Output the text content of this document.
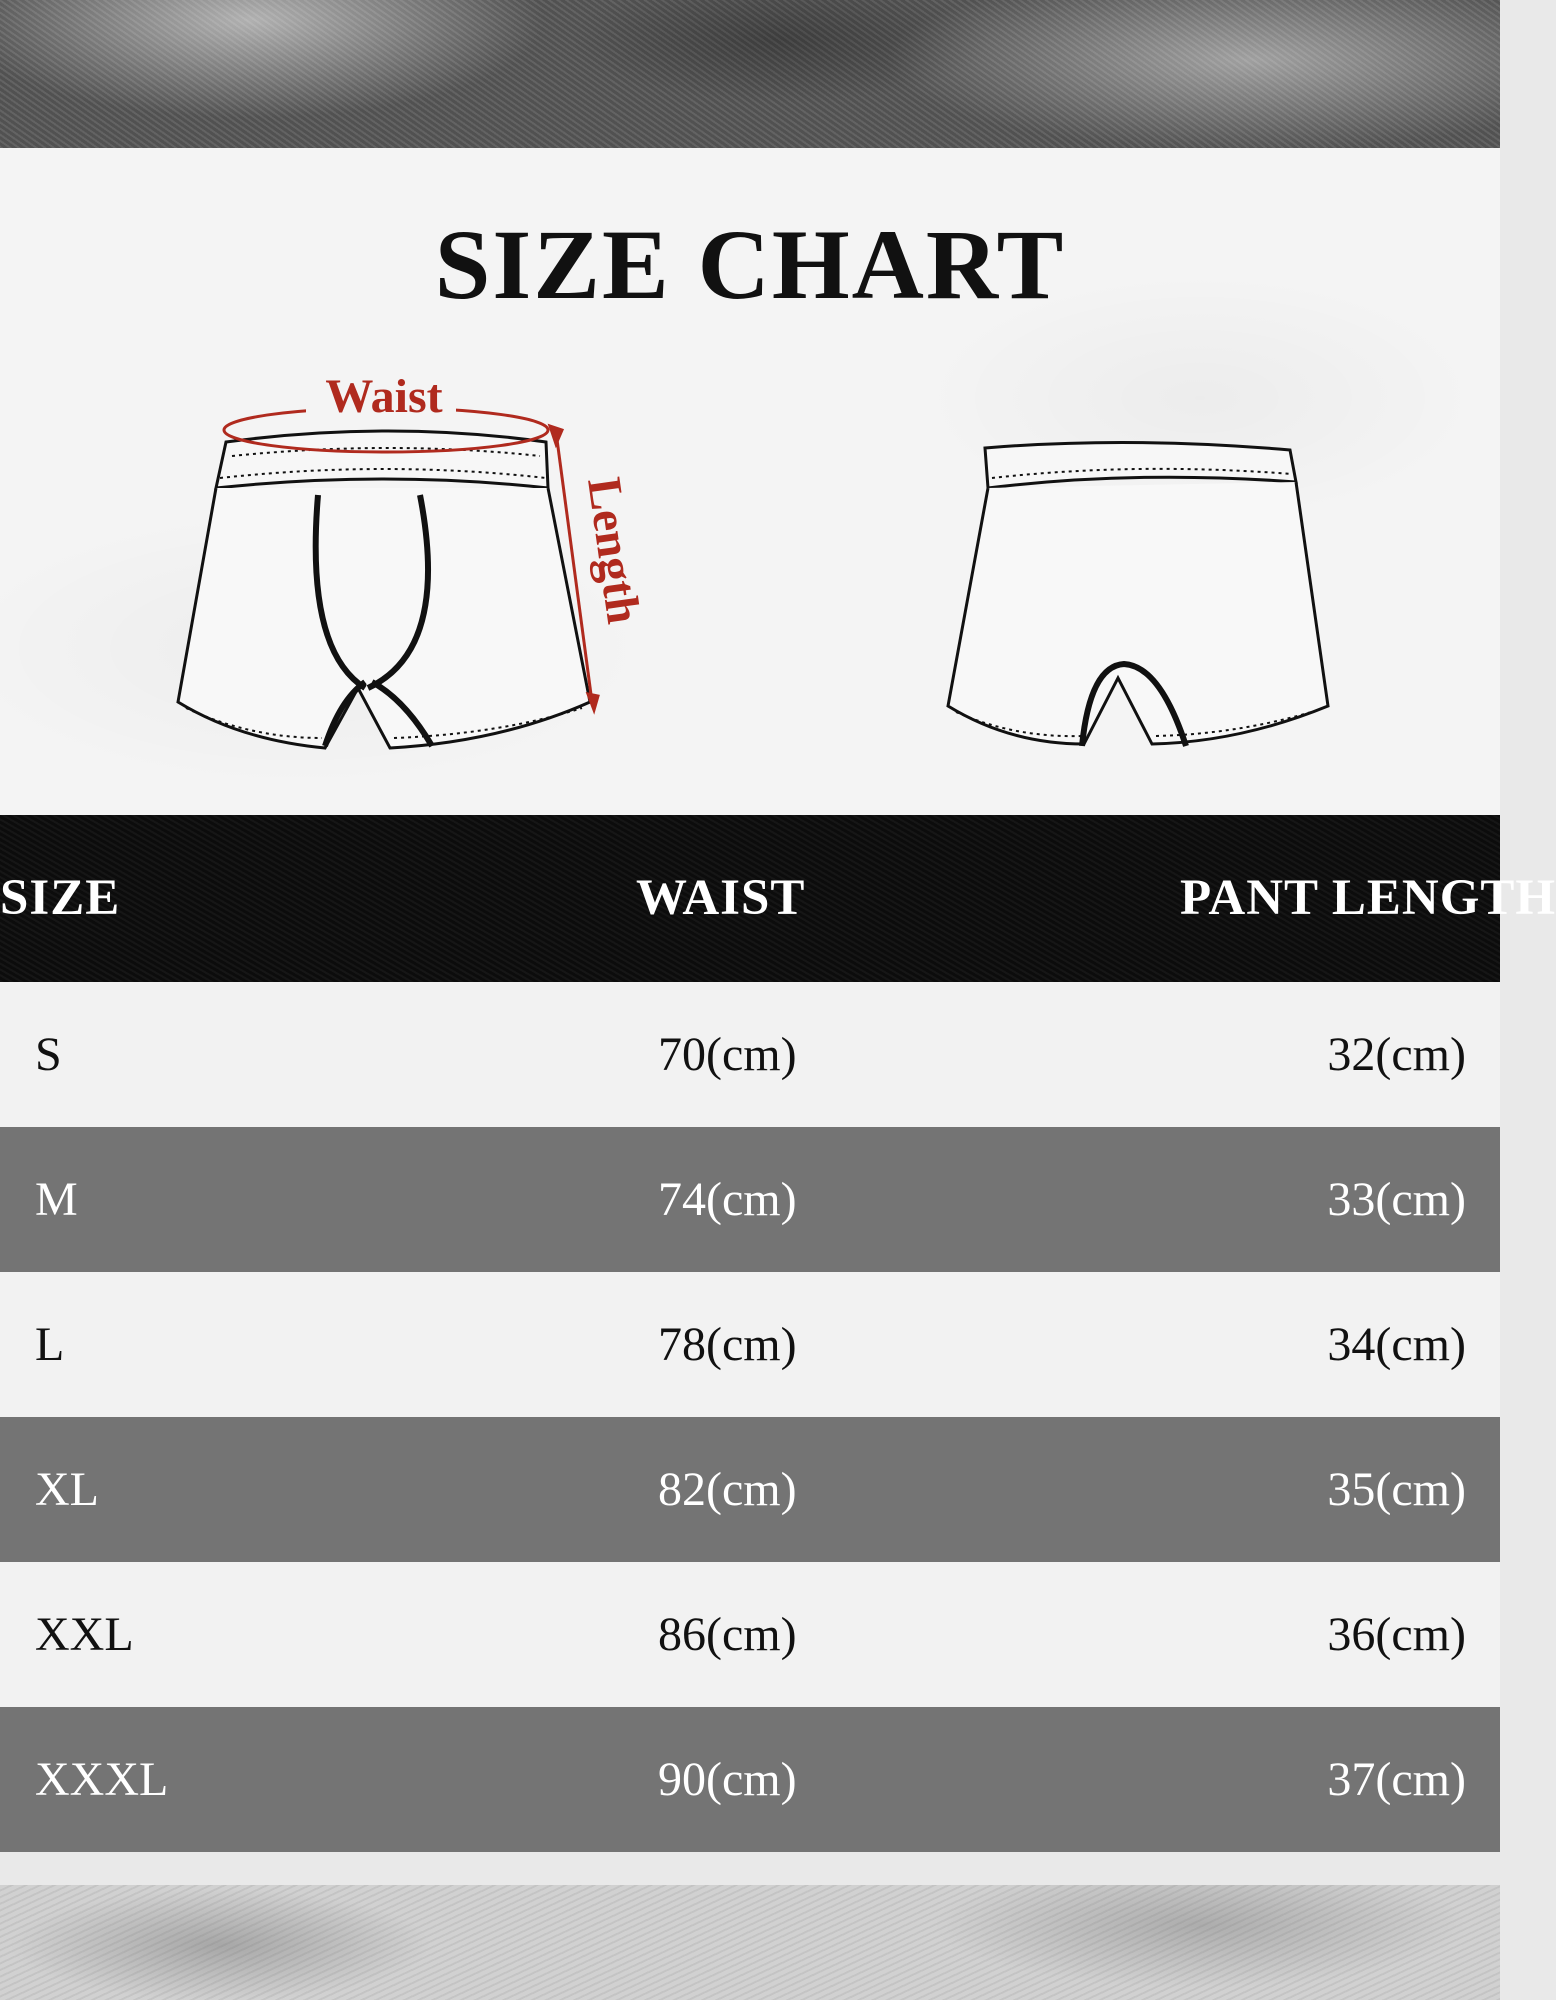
SIZE CHART
Waist
Length
SIZE	WAIST	PANT LENGTH
S	70(cm)	32(cm)
M	74(cm)	33(cm)
L	78(cm)	34(cm)
XL	82(cm)	35(cm)
XXL	86(cm)	36(cm)
XXXL	90(cm)	37(cm)
